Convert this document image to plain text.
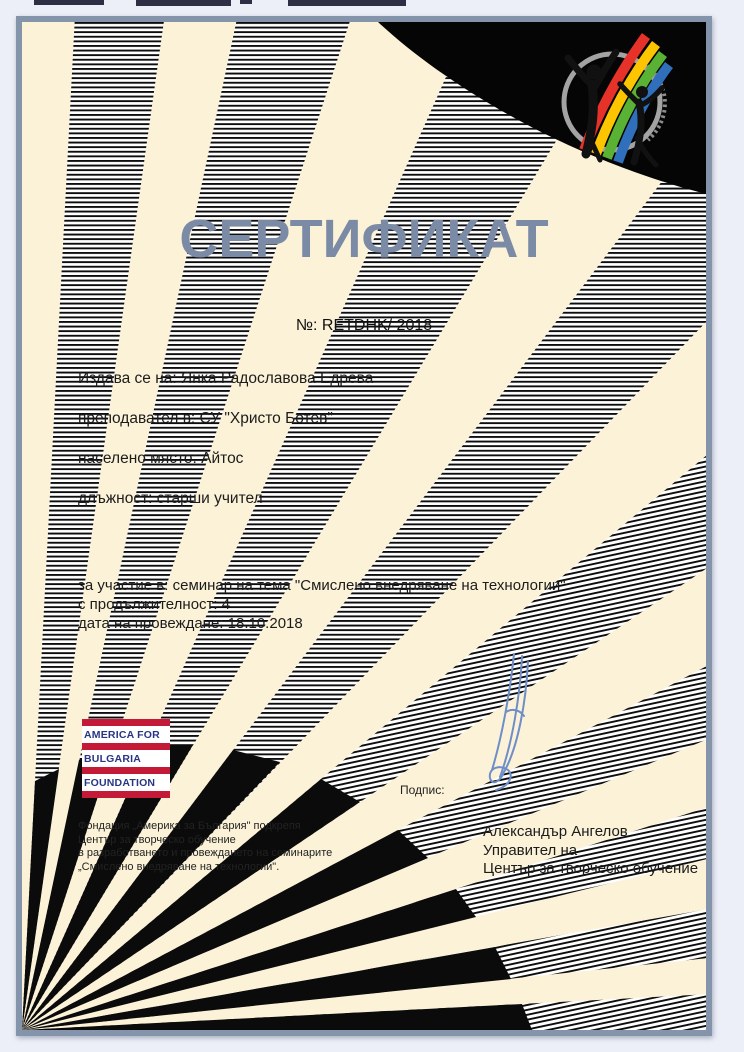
СЕРТИФИКАТ
№: RETDHK/ 2018
Издава се на: Янка Радославова Едрева
преподавател в: СУ "Христо Ботев"
населено място: Айтос
длъжност: старши учител
за участие в: семинар на тема "Смислено внедряване на технологии"
с продължителност: 4
дата на провеждане: 18.10.2018
AMERICA FOR
BULGARIA
FOUNDATION
Фондация „Америка за България" подкрепя
Център за творческо обучение
в разработването и провеждането на семинарите
„Смислено внедряване на технологии".
Подпис:
Александър Ангелов
Управител на
Център за творческо обучение
